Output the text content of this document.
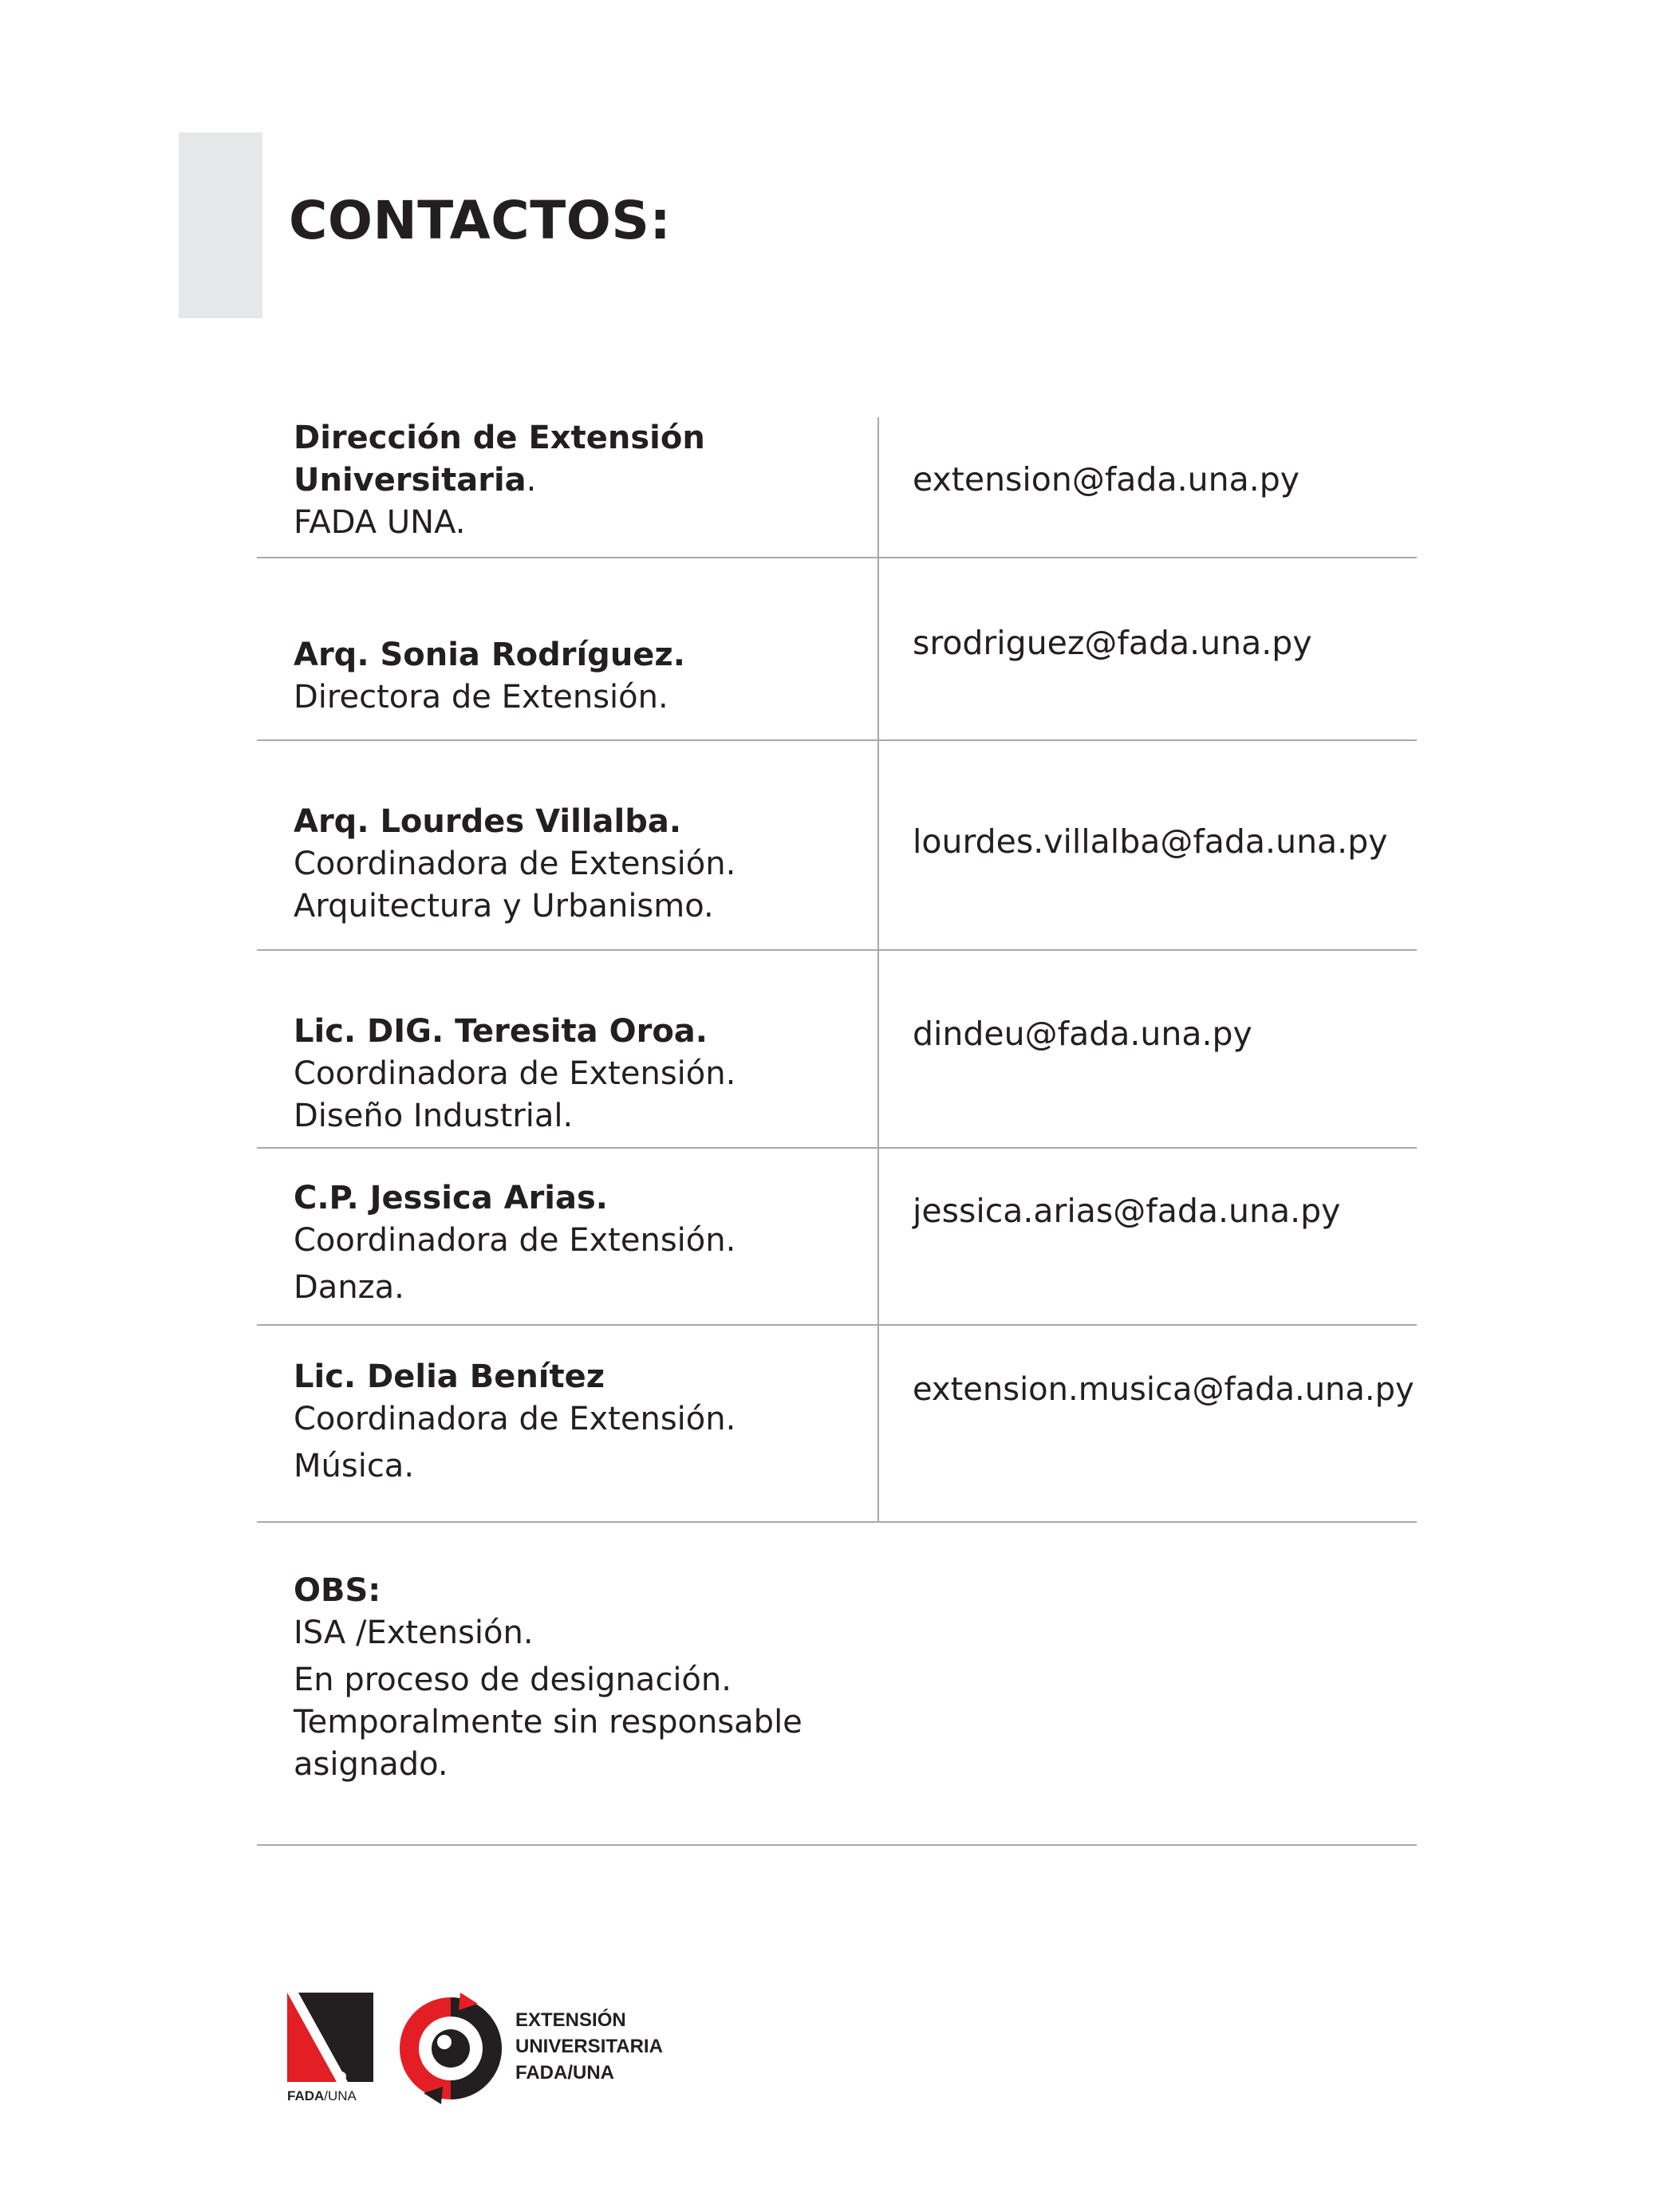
CONTACTOS:
Dirección de Extensión Universitaria.
FADA UNA.
extension@fada.una.py
Arq. Sonia Rodríguez.
Directora de Extensión.
srodriguez@fada.una.py
Arq. Lourdes Villalba.
Coordinadora de Extensión.
Arquitectura y Urbanismo.
lourdes.villalba@fada.una.py
Lic. DIG. Teresita Oroa.
Coordinadora de Extensión.
Diseño Industrial.
dindeu@fada.una.py
C.P. Jessica Arias.
Coordinadora de Extensión.
Danza.
jessica.arias@fada.una.py
Lic. Delia Benítez
Coordinadora de Extensión.
Música.
extension.musica@fada.una.py
OBS:
ISA /Extensión.
En proceso de designación.
Temporalmente sin responsable
asignado.
FADA/UNA
EXTENSIÓN
UNIVERSITARIA
FADA/UNA
